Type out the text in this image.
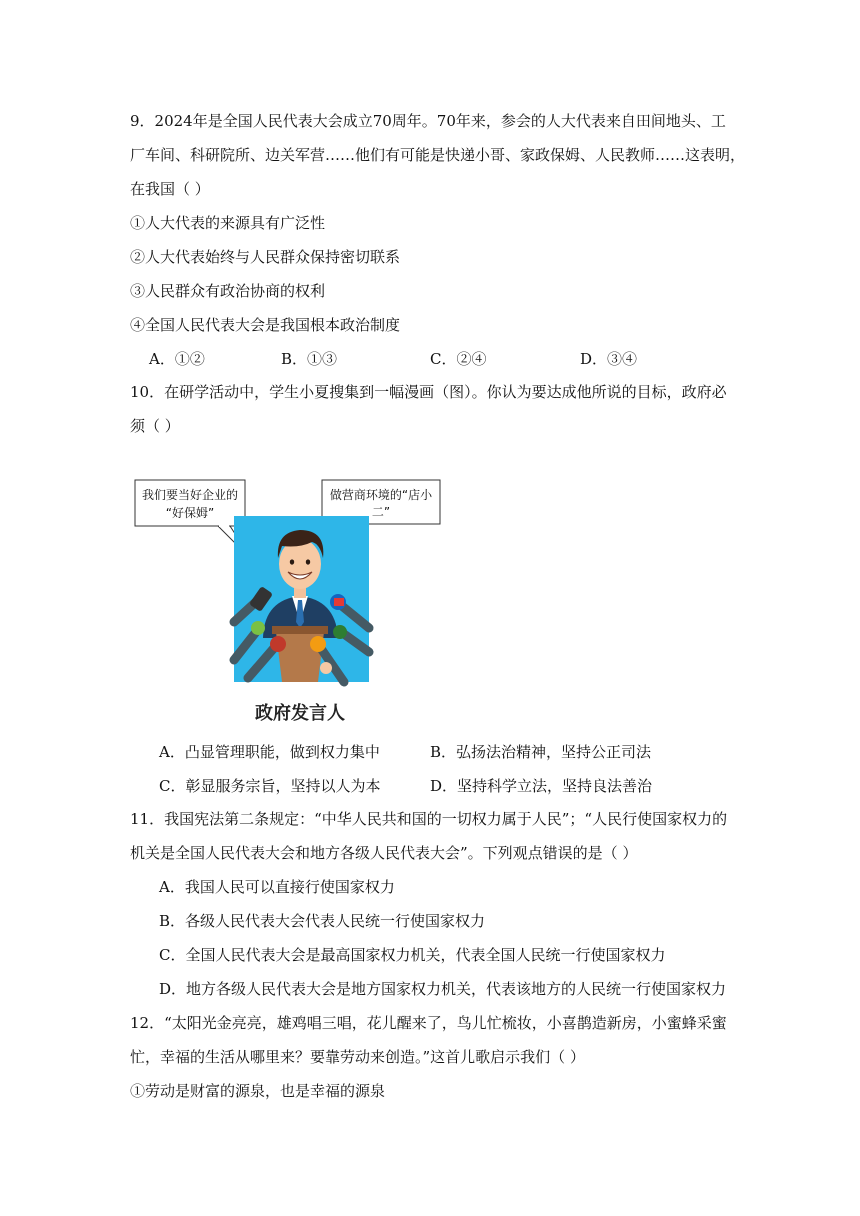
9．2024年是全国人民代表大会成立70周年。70年来，参会的人大代表来自田间地头、工
厂车间、科研院所、边关军营……他们有可能是快递小哥、家政保姆、人民教师……这表明，
在我国（ ）
①人大代表的来源具有广泛性
②人大代表始终与人民群众保持密切联系
③人民群众有政治协商的权利
④全国人民代表大会是我国根本政治制度
A．①②	B．①③	C．②④	D．③④
10．在研学活动中，学生小夏搜集到一幅漫画（图）。你认为要达成他所说的目标，政府必
须（ ）
我们要当好企业的
“好保姆”
做营商环境的“店小
二”
政府发言人
A．凸显管理职能，做到权力集中	B．弘扬法治精神，坚持公正司法
C．彰显服务宗旨，坚持以人为本	D．坚持科学立法，坚持良法善治
11．我国宪法第二条规定：“中华人民共和国的一切权力属于人民”；“人民行使国家权力的
机关是全国人民代表大会和地方各级人民代表大会”。下列观点错误的是（ ）
A．我国人民可以直接行使国家权力
B．各级人民代表大会代表人民统一行使国家权力
C．全国人民代表大会是最高国家权力机关，代表全国人民统一行使国家权力
D．地方各级人民代表大会是地方国家权力机关，代表该地方的人民统一行使国家权力
12．“太阳光金亮亮，雄鸡唱三唱，花儿醒来了，鸟儿忙梳妆，小喜鹊造新房，小蜜蜂采蜜
忙，幸福的生活从哪里来？要靠劳动来创造。”这首儿歌启示我们（ ）
①劳动是财富的源泉，也是幸福的源泉
